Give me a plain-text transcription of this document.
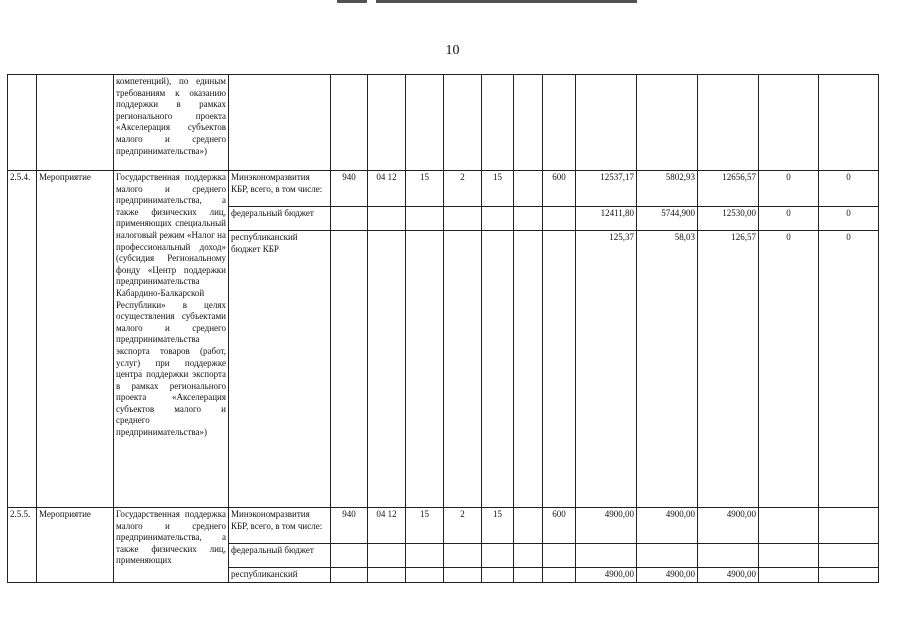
10
		компетенций), по единым требованиям к оказанию поддержки в рамках регионального проекта «Акселерация субъектов малого и среднего предпринимательства»)													
2.5.4.	Мероприятие	Государственная поддержка малого и среднего предпринимательства, а также физических лиц, применяющих специальный налоговый режим «Налог на профессиональный доход» (субсидия Региональному фонду «Центр поддержки предпринимательства Кабардино-Балкарской Республики» в целях осуществления субъектами малого и среднего предпринимательства экспорта товаров (работ, услуг) при поддержке центра поддержки экспорта в рамках регионального проекта «Акселерация субъектов малого и среднего предпринимательства»)	Минэкономразвития КБР, всего, в том числе:	940	04 12	15	2	15		600	12537,17	5802,93	12656,57	0	0
			федеральный бюджет								12411,80	5744,900	12530,00	0	0
			республиканский бюджет КБР								125,37	58,03	126,57	0	0
2.5.5.	Мероприятие	Государственная поддержка малого и среднего предпринимательства, а также физических лиц, применяющих	Минэкономразвития КБР, всего, в том числе:	940	04 12	15	2	15		600	4900,00	4900,00	4900,00		
			федеральный бюджет												
			республиканский								4900,00	4900,00	4900,00		
